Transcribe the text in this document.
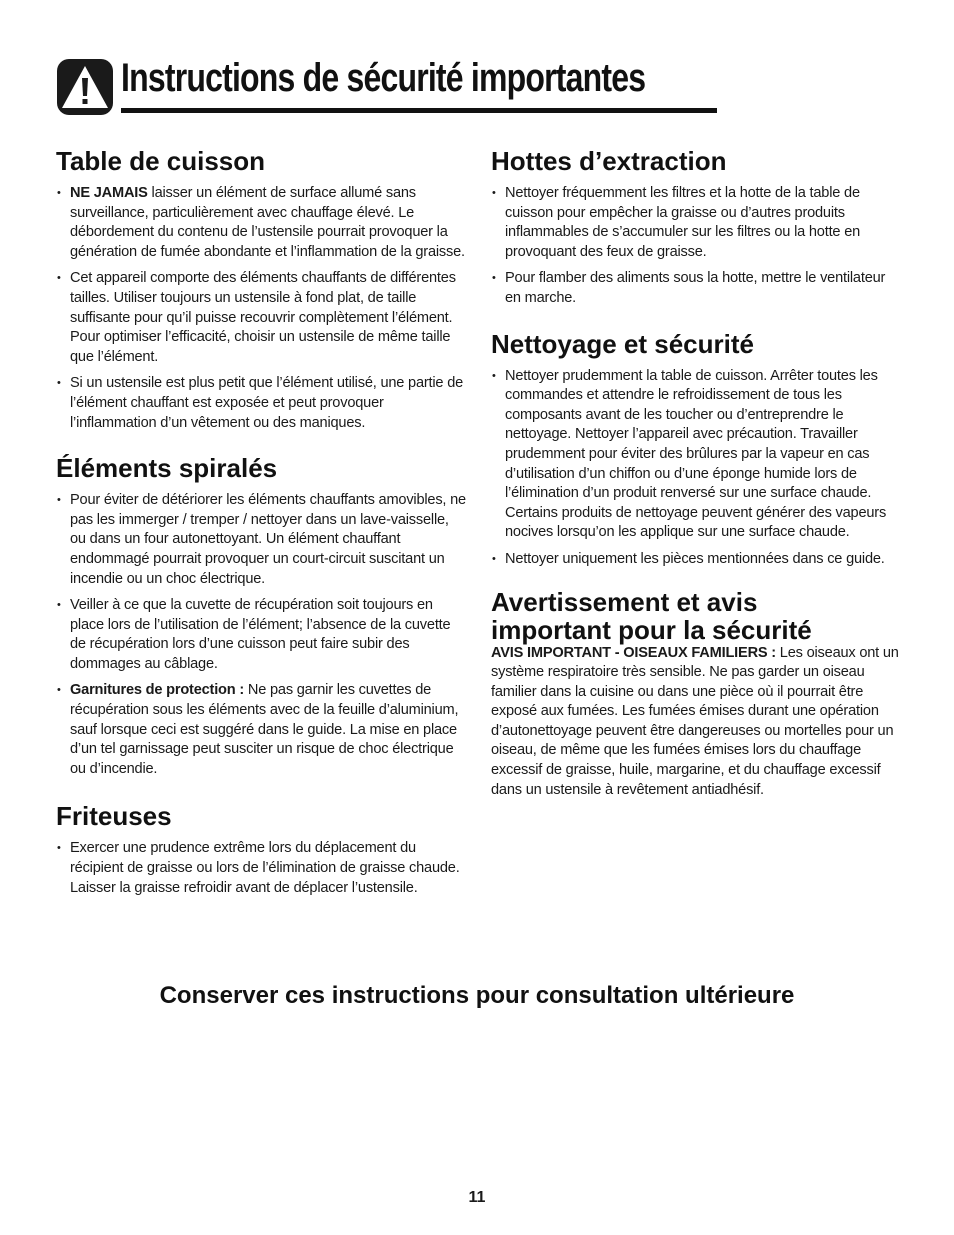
Instructions de sécurité importantes
Table de cuisson
• NE JAMAIS laisser un élément de surface allumé sans surveillance, particulièrement avec chauffage élevé. Le débordement du contenu de l’ustensile pourrait provoquer la génération de fumée abondante et l’inflammation de la graisse.
• Cet appareil comporte des éléments chauffants de différentes tailles. Utiliser toujours un ustensile à fond plat, de taille suffisante pour qu’il puisse recouvrir complètement l’élément. Pour optimiser l’efficacité, choisir un ustensile de même taille que l’élément.
• Si un ustensile est plus petit que l’élément utilisé, une partie de l’élément chauffant est exposée et peut provoquer l’inflammation d’un vêtement ou des maniques.
Éléments spiralés
• Pour éviter de détériorer les éléments chauffants amovibles, ne pas les immerger / tremper / nettoyer dans un lave-vaisselle, ou dans un four autonettoyant. Un élément chauffant endommagé pourrait provoquer un court-circuit suscitant un incendie ou un choc électrique.
• Veiller à ce que la cuvette de récupération soit toujours en place lors de l’utilisation de l’élément; l’absence de la cuvette de récupération lors d’une cuisson peut faire subir des dommages au câblage.
• Garnitures de protection : Ne pas garnir les cuvettes de récupération sous les éléments avec de la feuille d’aluminium, sauf lorsque ceci est suggéré dans le guide. La mise en place d’un tel garnissage peut susciter un risque de choc électrique ou d’incendie.
Friteuses
• Exercer une prudence extrême lors du déplacement du récipient de graisse ou lors de l’élimination de graisse chaude. Laisser la graisse refroidir avant de déplacer l’ustensile.
Hottes d’extraction
• Nettoyer fréquemment les filtres et la hotte de la table de cuisson pour empêcher la graisse ou d’autres produits inflammables de s’accumuler sur les filtres ou la hotte en provoquant des feux de graisse.
• Pour flamber des aliments sous la hotte, mettre le ventilateur en marche.
Nettoyage et sécurité
• Nettoyer prudemment la table de cuisson. Arrêter toutes les commandes et attendre le refroidissement de tous les composants avant de les toucher ou d’entreprendre le nettoyage. Nettoyer l’appareil avec précaution. Travailler prudemment pour éviter des brûlures par la vapeur en cas d’utilisation d’un chiffon ou d’une éponge humide lors de l’élimination d’un produit renversé sur une surface chaude. Certains produits de nettoyage peuvent générer des vapeurs nocives lorsqu’on les applique sur une surface chaude.
• Nettoyer uniquement les pièces mentionnées dans ce guide.
Avertissement et avis
important pour la sécurité

AVIS IMPORTANT - OISEAUX FAMILIERS : Les oiseaux ont un système respiratoire très sensible. Ne pas garder un oiseau familier dans la cuisine ou dans une pièce où il pourrait être exposé aux fumées. Les fumées émises durant une opération d’autonettoyage peuvent être dangereuses ou mortelles pour un oiseau, de même que les fumées émises lors du chauffage excessif de graisse, huile, margarine, et du chauffage excessif dans un ustensile à revêtement antiadhésif.

Conserver ces instructions pour consultation ultérieure
11
